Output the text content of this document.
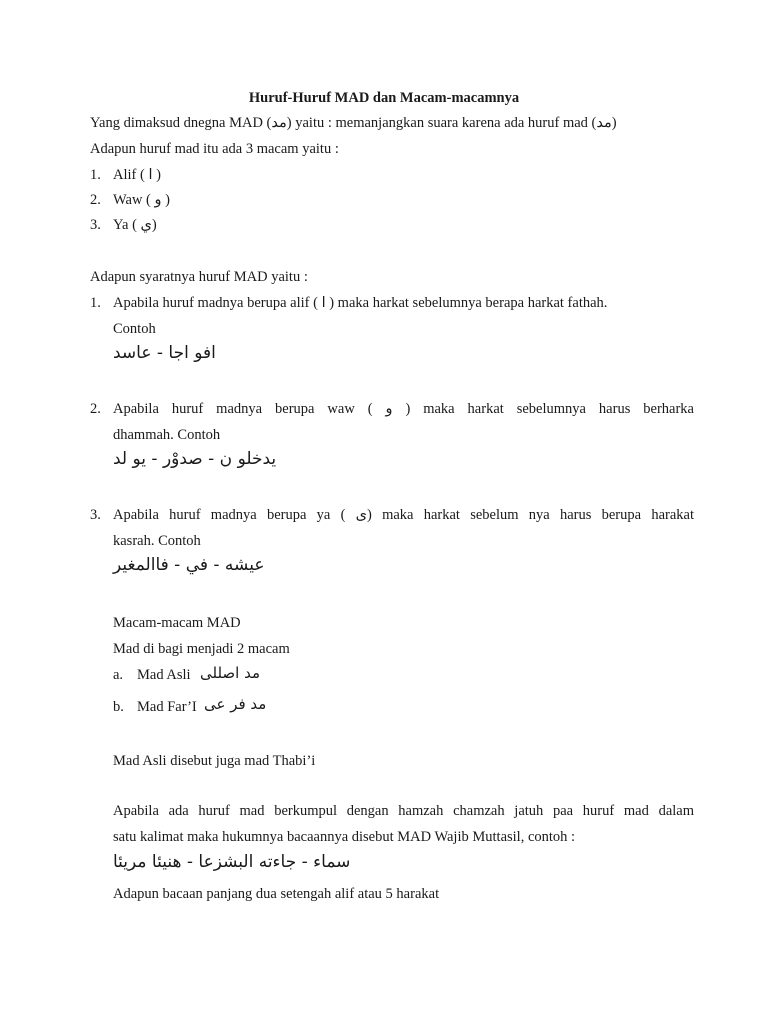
Huruf-Huruf MAD dan Macam-macamnya
Yang dimaksud dnegna MAD (مد) yaitu : memanjangkan suara karena ada huruf mad (مد)
Adapun huruf mad itu ada 3 macam yaitu :
1. Alif ( ا )
2. Waw ( و )
3. Ya ( ي)
Adapun syaratnya huruf MAD yaitu :
1. Apabila huruf madnya berupa alif ( ا ) maka harkat sebelumnya berapa harkat fathah.
Contoh
افو اجا - عاسد
2. Apabila huruf madnya berupa waw ( و ) maka harkat sebelumnya harus berharka
dhammah. Contoh
يدخلو ن - صدوْر - يو لد
3. Apabila huruf madnya berupa ya ( ى) maka harkat sebelum nya harus berupa harakat
kasrah. Contoh
عيشه - في - فاالمغير
Macam-macam MAD
Mad di bagi menjadi 2 macam
a. Mad Asli مد اصللى
b. Mad Far’I مد فر عى
Mad Asli disebut juga mad Thabi’i
Apabila ada huruf mad berkumpul dengan hamzah chamzah jatuh paa huruf mad dalam
satu kalimat maka hukumnya bacaannya disebut MAD Wajib Muttasil, contoh :
سماء - جاءته البشزعا - هنيئا مريئا
Adapun bacaan panjang dua setengah alif atau 5 harakat
